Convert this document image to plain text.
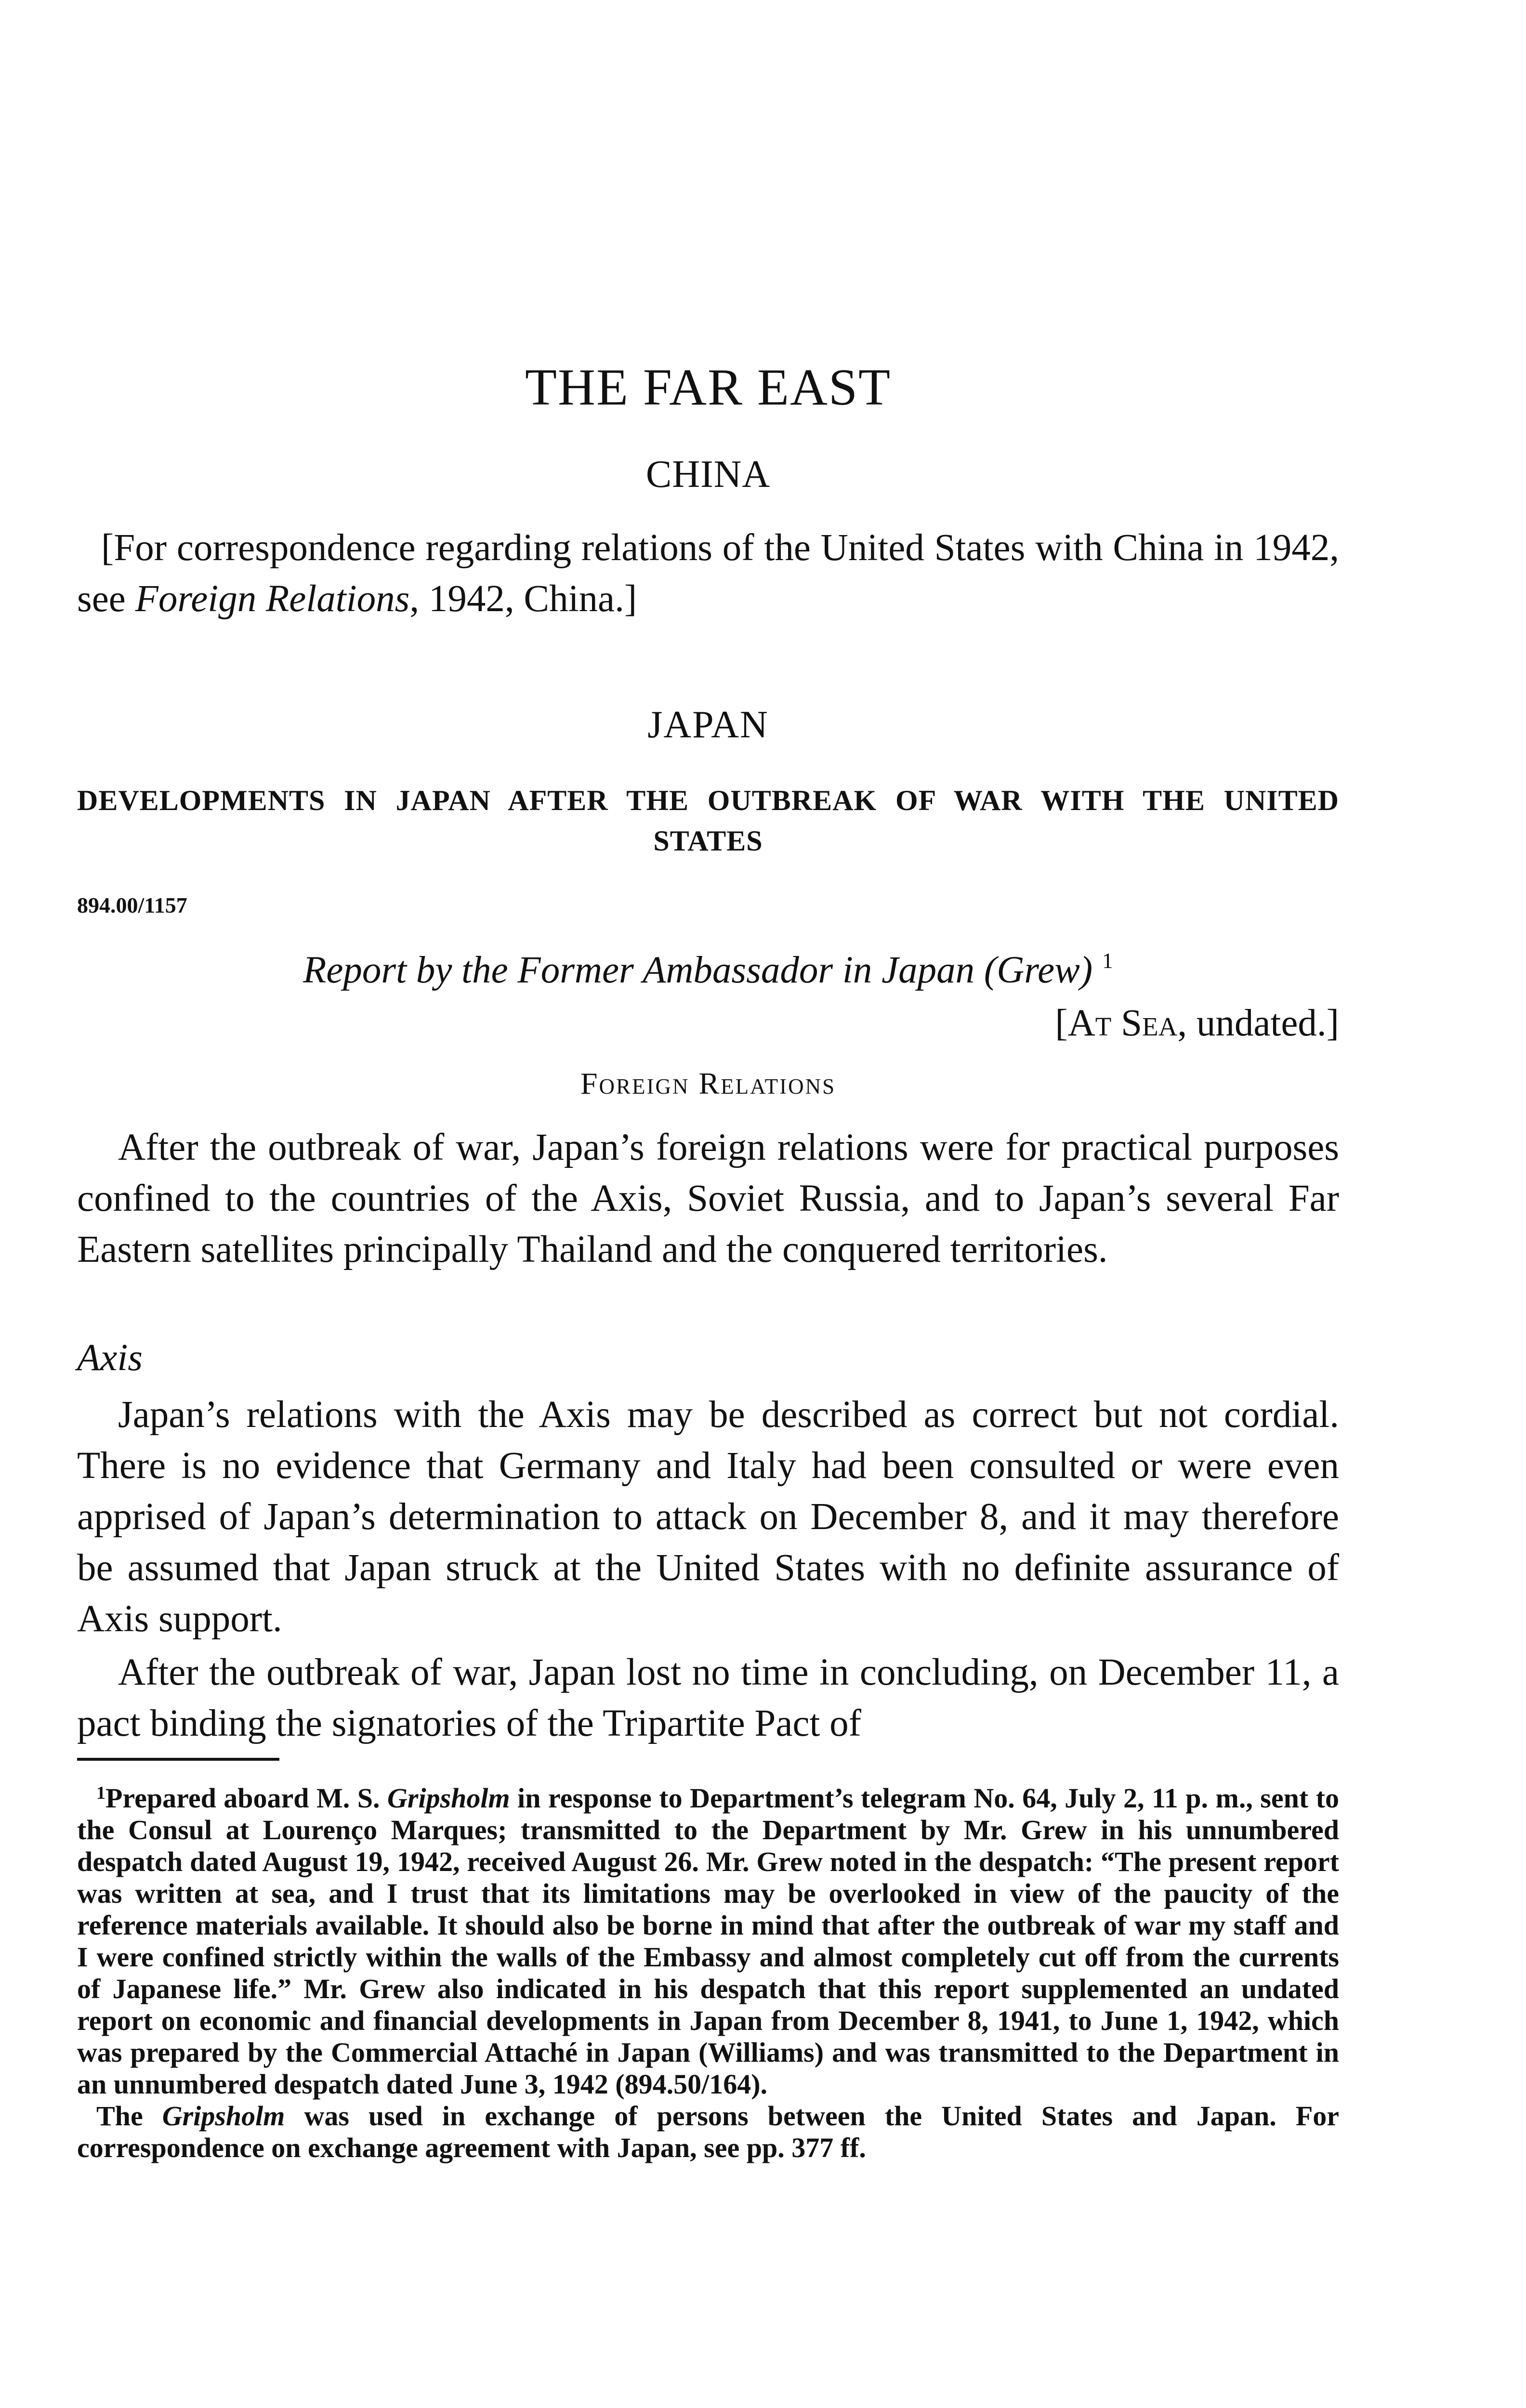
THE FAR EAST
CHINA

[For correspondence regarding relations of the United States with China in 1942, see Foreign Relations, 1942, China.]

JAPAN
DEVELOPMENTS IN JAPAN AFTER THE OUTBREAK OF WAR WITH THE UNITED STATES
894.00/1157
Report by the Former Ambassador in Japan (Grew) $^1$
[At Sea, undated.]
Foreign Relations

After the outbreak of war, Japan’s foreign relations were for practical purposes confined to the countries of the Axis, Soviet Russia, and to Japan’s several Far Eastern satellites principally Thailand and the conquered territories.

Axis

Japan’s relations with the Axis may be described as correct but not cordial. There is no evidence that Germany and Italy had been consulted or were even apprised of Japan’s determination to attack on December 8, and it may therefore be assumed that Japan struck at the United States with no definite assurance of Axis support.

After the outbreak of war, Japan lost no time in concluding, on December 11, a pact binding the signatories of the Tripartite Pact of

$^1$Prepared aboard M. S. Gripsholm in response to Department’s telegram No. 64, July 2, 11 p. m., sent to the Consul at Lourenço Marques; transmitted to the Department by Mr. Grew in his unnumbered despatch dated August 19, 1942, received August 26. Mr. Grew noted in the despatch: “The present report was written at sea, and I trust that its limitations may be overlooked in view of the paucity of the reference materials available. It should also be borne in mind that after the outbreak of war my staff and I were confined strictly within the walls of the Embassy and almost completely cut off from the currents of Japanese life.” Mr. Grew also indicated in his despatch that this report supplemented an undated report on economic and financial developments in Japan from December 8, 1941, to June 1, 1942, which was prepared by the Commercial Attaché in Japan (Williams) and was transmitted to the Department in an unnumbered despatch dated June 3, 1942 (894.50/164).

The Gripsholm was used in exchange of persons between the United States and Japan. For correspondence on exchange agreement with Japan, see pp. 377 ff.
